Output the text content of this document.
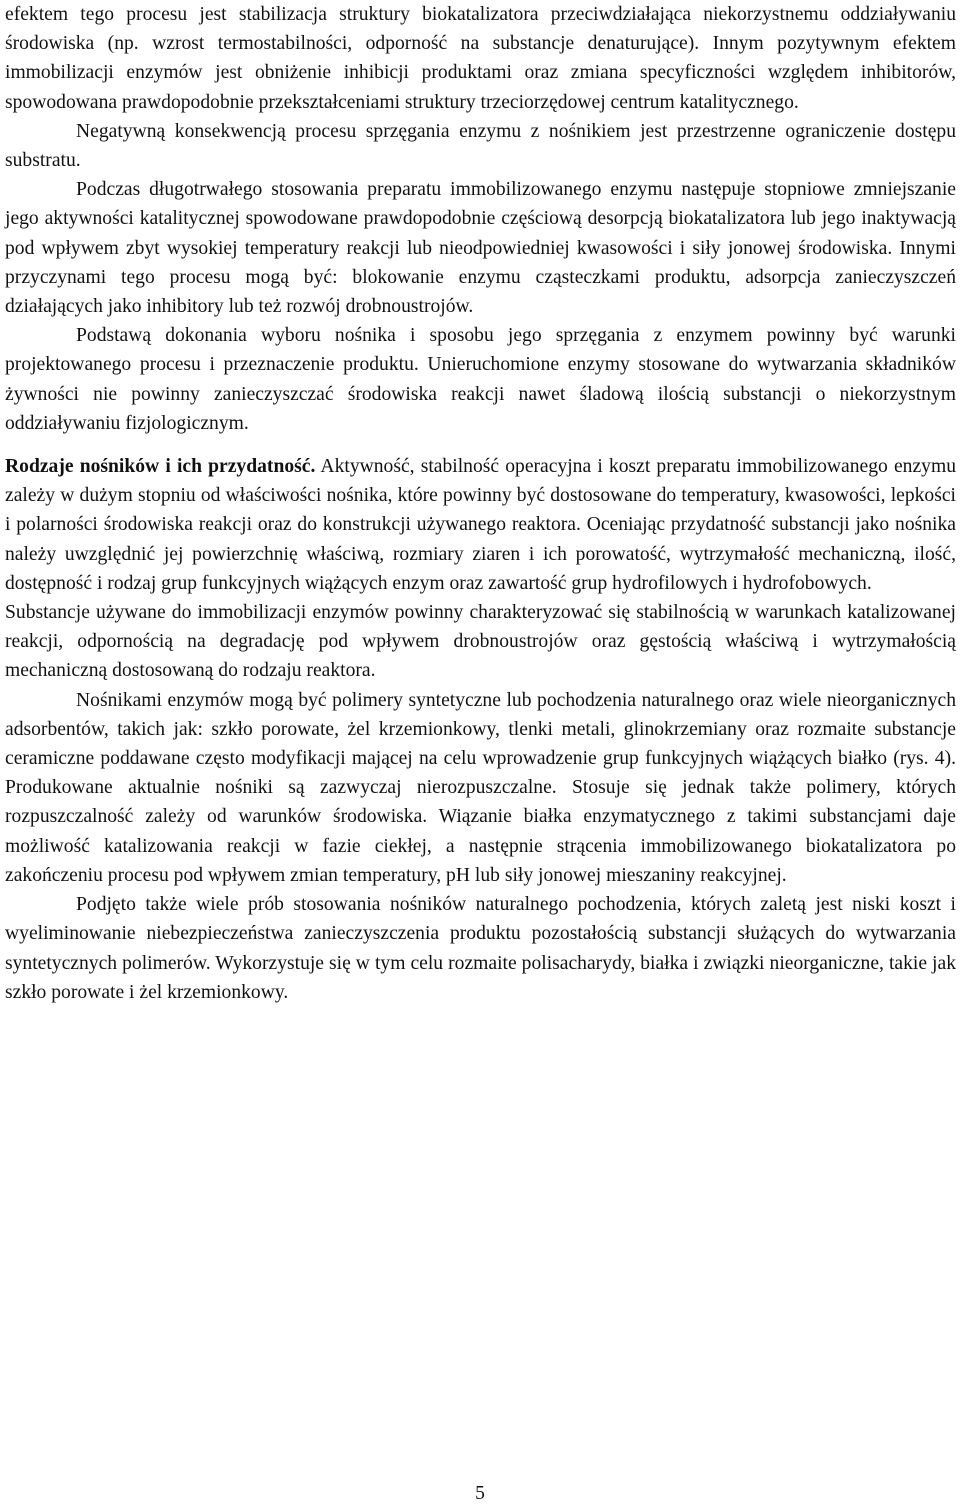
efektem tego procesu jest stabilizacja struktury biokatalizatora przeciwdziałająca niekorzystnemu oddziaływaniu środowiska (np. wzrost termostabilności, odporność na substancje denaturujące). Innym pozytywnym efektem immobilizacji enzymów jest obniżenie inhibicji produktami oraz zmiana specyficzności względem inhibitorów, spowodowana prawdopodobnie przekształceniami struktury trzeciorzędowej centrum katalitycznego.

Negatywną konsekwencją procesu sprzęgania enzymu z nośnikiem jest przestrzenne ograniczenie dostępu substratu.

Podczas długotrwałego stosowania preparatu immobilizowanego enzymu następuje stopniowe zmniejszanie jego aktywności katalitycznej spowodowane prawdopodobnie częściową desorpcją biokatalizatora lub jego inaktywacją pod wpływem zbyt wysokiej temperatury reakcji lub nieodpowiedniej kwasowości i siły jonowej środowiska. Innymi przyczynami tego procesu mogą być: blokowanie enzymu cząsteczkami produktu, adsorpcja zanieczyszczeń działających jako inhibitory lub też rozwój drobnoustrojów.

Podstawą dokonania wyboru nośnika i sposobu jego sprzęgania z enzymem powinny być warunki projektowanego procesu i przeznaczenie produktu. Unieruchomione enzymy stosowane do wytwarzania składników żywności nie powinny zanieczyszczać środowiska reakcji nawet śladową ilością substancji o niekorzystnym oddziaływaniu fizjologicznym.

Rodzaje nośników i ich przydatność. Aktywność, stabilność operacyjna i koszt preparatu immobilizowanego enzymu zależy w dużym stopniu od właściwości nośnika, które powinny być dostosowane do temperatury, kwasowości, lepkości i polarności środowiska reakcji oraz do konstrukcji używanego reaktora. Oceniając przydatność substancji jako nośnika należy uwzględnić jej powierzchnię właściwą, rozmiary ziaren i ich porowatość, wytrzymałość mechaniczną, ilość, dostępność i rodzaj grup funkcyjnych wiążących enzym oraz zawartość grup hydrofilowych i hydrofobowych.

Substancje używane do immobilizacji enzymów powinny charakteryzować się stabilnością w warunkach katalizowanej reakcji, odpornością na degradację pod wpływem drobnoustrojów oraz gęstością właściwą i wytrzymałością mechaniczną dostosowaną do rodzaju reaktora.

Nośnikami enzymów mogą być polimery syntetyczne lub pochodzenia naturalnego oraz wiele nieorganicznych adsorbentów, takich jak: szkło porowate, żel krzemionkowy, tlenki metali, glinokrzemiany oraz rozmaite substancje ceramiczne poddawane często modyfikacji mającej na celu wprowadzenie grup funkcyjnych wiążących białko (rys. 4). Produkowane aktualnie nośniki są zazwyczaj nierozpuszczalne. Stosuje się jednak także polimery, których rozpuszczalność zależy od warunków środowiska. Wiązanie białka enzymatycznego z takimi substancjami daje możliwość katalizowania reakcji w fazie ciekłej, a następnie strącenia immobilizowanego biokatalizatora po zakończeniu procesu pod wpływem zmian temperatury, pH lub siły jonowej mieszaniny reakcyjnej.

Podjęto także wiele prób stosowania nośników naturalnego pochodzenia, których zaletą jest niski koszt i wyeliminowanie niebezpieczeństwa zanieczyszczenia produktu pozostałością substancji służących do wytwarzania syntetycznych polimerów. Wykorzystuje się w tym celu rozmaite polisacharydy, białka i związki nieorganiczne, takie jak szkło porowate i żel krzemionkowy.

5
